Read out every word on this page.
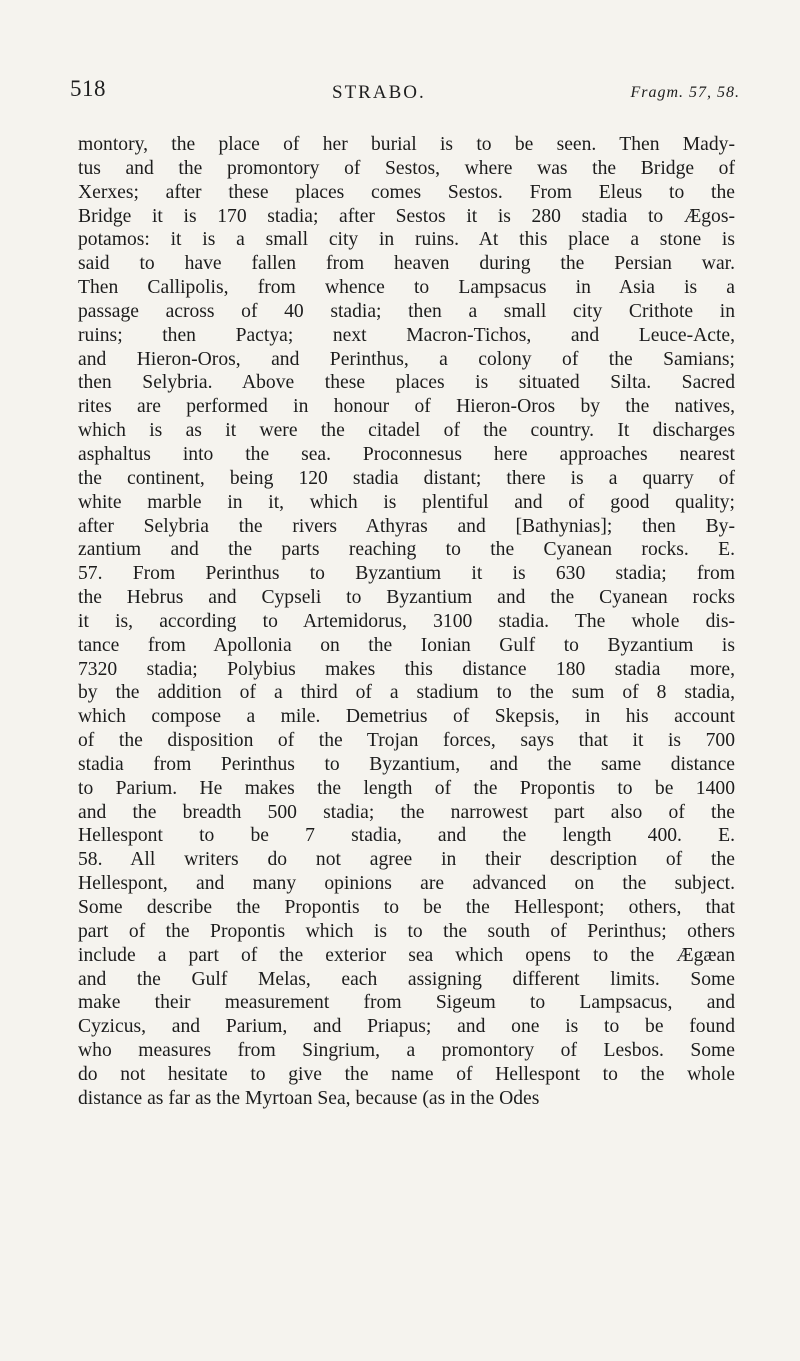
518	STRABO.	Fragm. 57, 58.
montory, the place of her burial is to be seen. Then Mady-
tus and the promontory of Sestos, where was the Bridge of
Xerxes; after these places comes Sestos. From Eleus to the
Bridge it is 170 stadia; after Sestos it is 280 stadia to Ægos-
potamos: it is a small city in ruins. At this place a stone is
said to have fallen from heaven during the Persian war.
Then Callipolis, from whence to Lampsacus in Asia is a
passage across of 40 stadia; then a small city Crithote in
ruins; then Pactya; next Macron-Tichos, and Leuce-Acte,
and Hieron-Oros, and Perinthus, a colony of the Samians;
then Selybria. Above these places is situated Silta. Sacred
rites are performed in honour of Hieron-Oros by the natives,
which is as it were the citadel of the country. It discharges
asphaltus into the sea. Proconnesus here approaches nearest
the continent, being 120 stadia distant; there is a quarry of
white marble in it, which is plentiful and of good quality;
after Selybria the rivers Athyras and [Bathynias]; then By-
zantium and the parts reaching to the Cyanean rocks. E.
57. From Perinthus to Byzantium it is 630 stadia; from
the Hebrus and Cypseli to Byzantium and the Cyanean rocks
it is, according to Artemidorus, 3100 stadia. The whole dis-
tance from Apollonia on the Ionian Gulf to Byzantium is
7320 stadia; Polybius makes this distance 180 stadia more,
by the addition of a third of a stadium to the sum of 8 stadia,
which compose a mile. Demetrius of Skepsis, in his account
of the disposition of the Trojan forces, says that it is 700
stadia from Perinthus to Byzantium, and the same distance
to Parium. He makes the length of the Propontis to be 1400
and the breadth 500 stadia; the narrowest part also of the
Hellespont to be 7 stadia, and the length 400. E.
58. All writers do not agree in their description of the
Hellespont, and many opinions are advanced on the subject.
Some describe the Propontis to be the Hellespont; others, that
part of the Propontis which is to the south of Perinthus; others
include a part of the exterior sea which opens to the Ægæan
and the Gulf Melas, each assigning different limits. Some
make their measurement from Sigeum to Lampsacus, and
Cyzicus, and Parium, and Priapus; and one is to be found
who measures from Singrium, a promontory of Lesbos. Some
do not hesitate to give the name of Hellespont to the whole
distance as far as the Myrtoan Sea, because (as in the Odes
